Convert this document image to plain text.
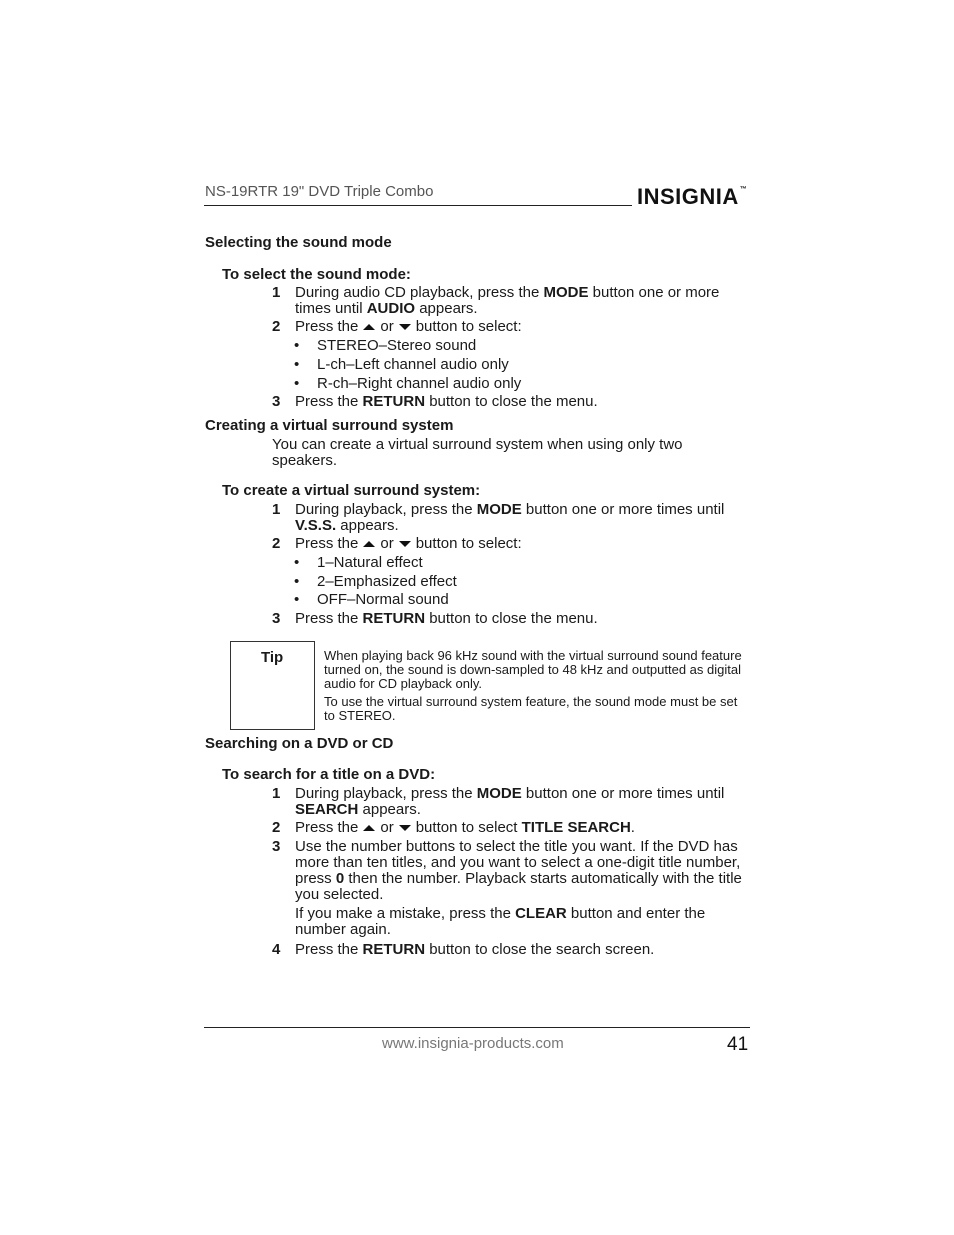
NS-19RTR 19" DVD Triple Combo	INSIGNIA™
Selecting the sound mode
To select the sound mode:
1 During audio CD playback, press the MODE button one or more times until AUDIO appears.
2 Press the or button to select:
• STEREO–Stereo sound
• L-ch–Left channel audio only
• R-ch–Right channel audio only
3 Press the RETURN button to close the menu.
Creating a virtual surround system
You can create a virtual surround system when using only two speakers.
To create a virtual surround system:
1 During playback, press the MODE button one or more times until V.S.S. appears.
2 Press the or button to select:
• 1–Natural effect
• 2–Emphasized effect
• OFF–Normal sound
3 Press the RETURN button to close the menu.
Tip	When playing back 96 kHz sound with the virtual surround sound feature turned on, the sound is down-sampled to 48 kHz and outputted as digital audio for CD playback only.
To use the virtual surround system feature, the sound mode must be set to STEREO.
Searching on a DVD or CD
To search for a title on a DVD:
1 During playback, press the MODE button one or more times until SEARCH appears.
2 Press the or button to select TITLE SEARCH.
3 Use the number buttons to select the title you want. If the DVD has more than ten titles, and you want to select a one-digit title number, press 0 then the number. Playback starts automatically with the title you selected.
If you make a mistake, press the CLEAR button and enter the number again.
4 Press the RETURN button to close the search screen.
www.insignia-products.com	41
